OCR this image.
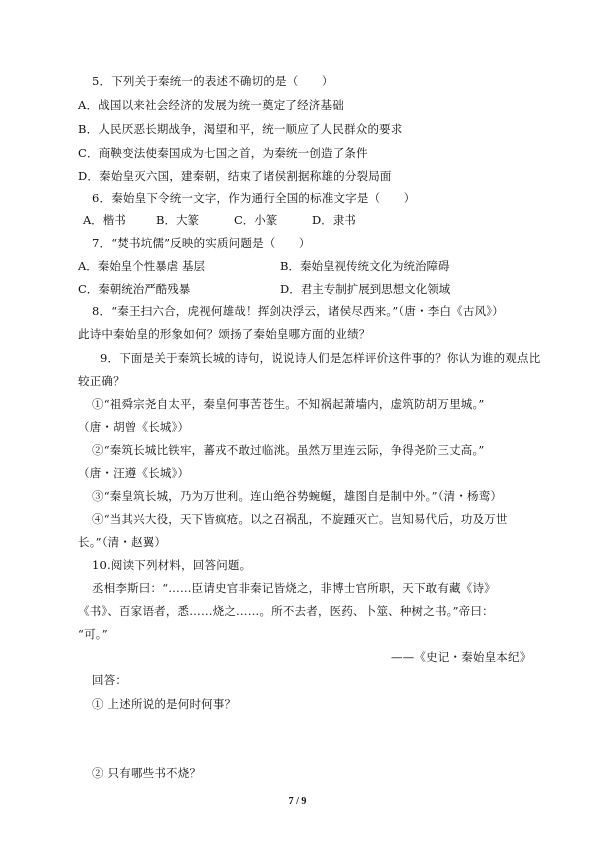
5．下列关于秦统一的表述不确切的是（　　）
A．战国以来社会经济的发展为统一奠定了经济基础
B．人民厌恶长期战争，渴望和平，统一顺应了人民群众的要求
C．商鞅变法使秦国成为七国之首，为秦统一创造了条件
D．秦始皇灭六国，建秦朝，结束了诸侯割据称雄的分裂局面
6．秦始皇下令统一文字，作为通行全国的标准文字是（　　）
A．楷书	B．大篆	C．小篆	D．隶书
7．“焚书坑儒”反映的实质问题是（　　）
A．秦始皇个性暴虐 基层	B．秦始皇视传统文化为统治障碍
C．秦朝统治严酷残暴	D．君主专制扩展到思想文化领域
8．“秦王扫六合，虎视何雄哉！挥剑决浮云，诸侯尽西来。”（唐・李白《古风》）
此诗中秦始皇的形象如何？颂扬了秦始皇哪方面的业绩？
9．下面是关于秦筑长城的诗句，说说诗人们是怎样评价这件事的？你认为谁的观点比
较正确？
①“祖舜宗尧自太平，秦皇何事苦苍生。不知祸起萧墙内，虚筑防胡万里城。”
（唐・胡曾《长城》）
②“秦筑长城比铁牢，蕃戎不敢过临洮。虽然万里连云际，争得尧阶三丈高。”
（唐・汪遵《长城》）
③“秦皇筑长城，乃为万世利。连山绝谷势蜿蜒，雄图自是制中外。”（清・杨鸾）
④“当其兴大役，天下皆疯疮。以之召祸乱，不旋踵灭亡。岂知易代后，功及万世
长。”（清・赵翼）
10.阅读下列材料，回答问题。
丞相李斯曰：“……臣请史官非秦记皆烧之，非博士官所职，天下敢有藏《诗》
《书》、百家语者，悉……烧之……。所不去者，医药、卜筮、种树之书。”帝曰：
“可。”
——《史记・秦始皇本纪》
回答：
① 上述所说的是何时何事？
② 只有哪些书不烧？
7 / 9
